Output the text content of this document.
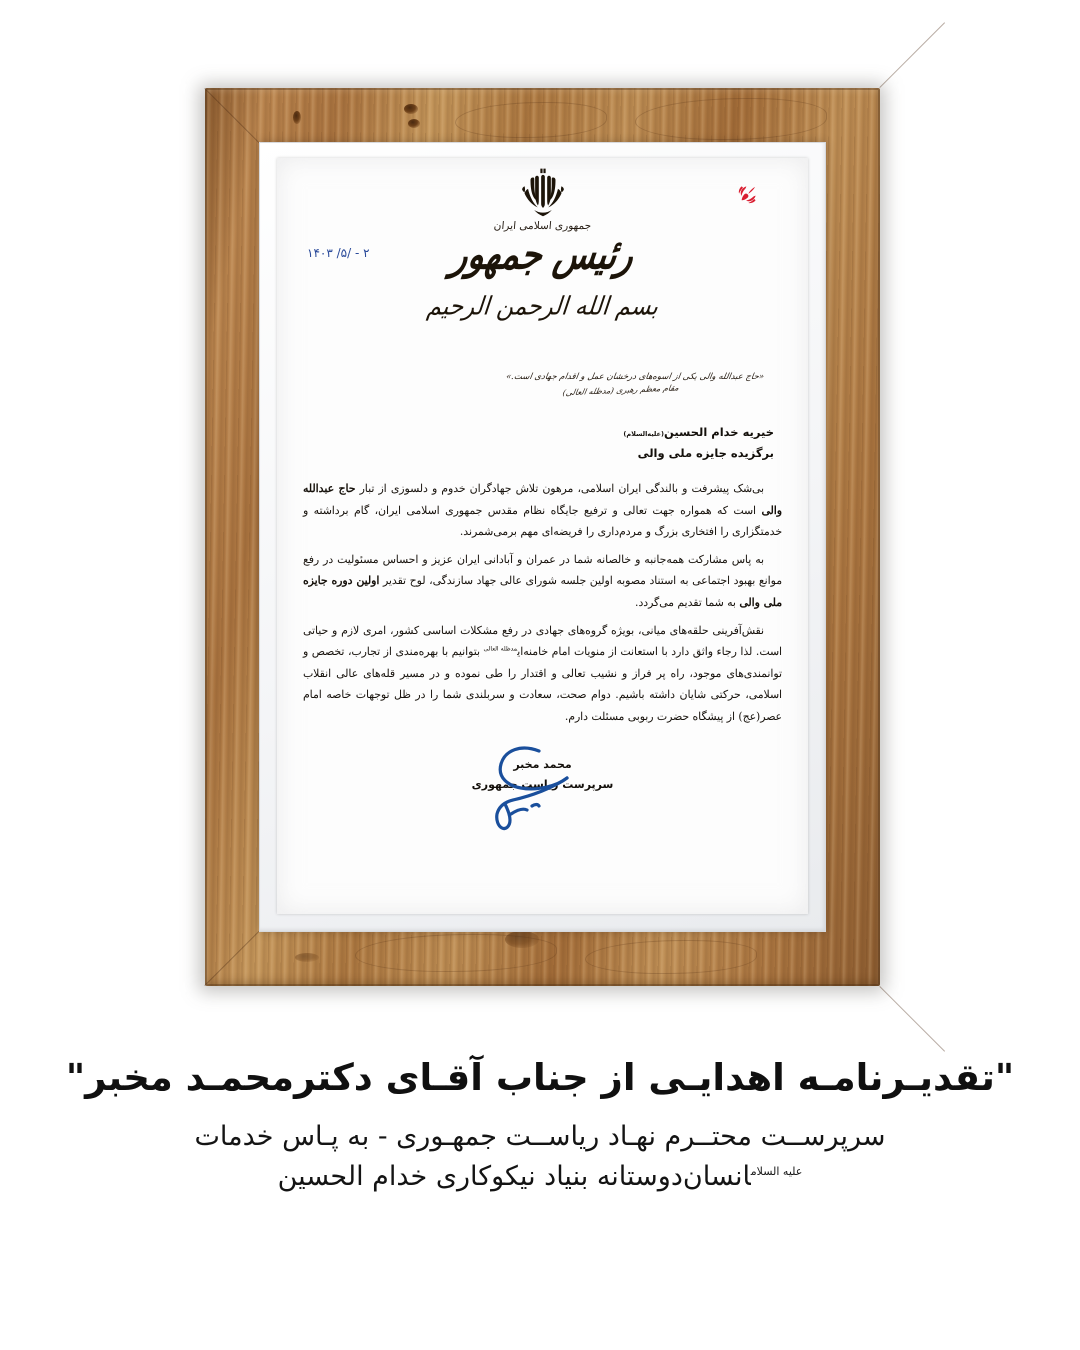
۱۴۰۳ /۵/ - ۲
جمهوری اسلامی ایران
رئیس جمهور
بسم الله الرحمن الرحیم
«حاج عبدالله والی یکی از اسوه‌های درخشان عمل و اقدام جهادی است.»
مقام معظم رهبری (مدظله العالی)
خیریه خدام الحسین(علیه‌السلام)
برگزیده جایزه ملی والی

بی‌شک پیشرفت و بالندگی ایران اسلامی، مرهون تلاش جهادگران خدوم و دلسوزی از تبار حاج عبدالله والی است که همواره جهت تعالی و ترفیع جایگاه نظام مقدس جمهوری اسلامی ایران، گام برداشته و خدمتگزاری را افتخاری بزرگ و مردم‌داری را فریضه‌ای مهم برمی‌شمرند.

به پاس مشارکت همه‌جانبه و خالصانه شما در عمران و آبادانی ایران عزیز و احساس مسئولیت در رفع موانع بهبود اجتماعی به استناد مصوبه اولین جلسه شورای عالی جهاد سازندگی، لوح تقدیر اولین دوره جایزه ملی والی به شما تقدیم می‌گردد.

نقش‌آفرینی حلقه‌های میانی، بویژه گروه‌های جهادی در رفع مشکلات اساسی کشور، امری لازم و حیاتی است. لذا رجاء واثق دارد با استعانت از منویات امام خامنه‌ای$^{مدظله العالی}$ بتوانیم با بهره‌مندی از تجارب، تخصص و توانمندی‌های موجود، راه پر فراز و نشیب تعالی و اقتدار را طی نموده و در مسیر قله‌های عالی انقلاب اسلامی، حرکتی شایان داشته باشیم. دوام صحت، سعادت و سربلندی شما را در ظل توجهات خاصه امام عصر(عج) از پیشگاه حضرت ربوبی مسئلت دارم.

محمد مخبر
سرپرست ریاست جمهوری
"تقدیـرنامـه اهدایـی از جناب آقـای دکترمحمـد مخبر"
سرپرســت محتــرم نهـاد ریاســت جمهـوری - به پـاس خدمات
$^{علیه السلام}$انسان‌دوستانه بنیاد نیکوکاری خدام الحسین
